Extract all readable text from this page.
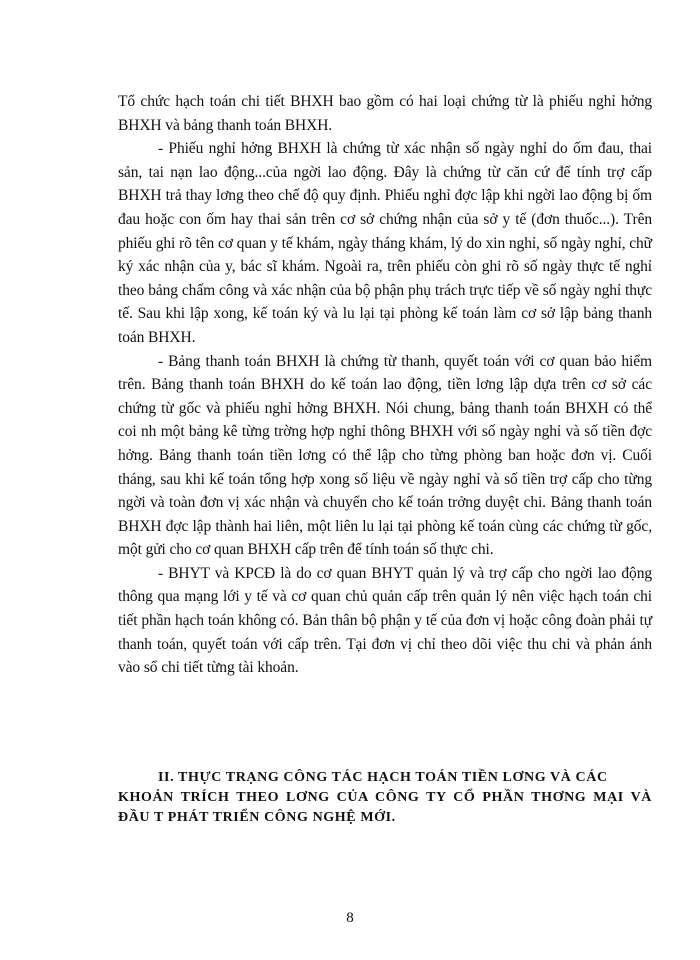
Tổ chức hạch toán chi tiết BHXH bao gồm có hai loại chứng từ là phiếu nghỉ hởng BHXH và bảng thanh toán BHXH.

- Phiếu nghỉ hởng BHXH là chứng từ xác nhận số ngày nghỉ do ốm đau, thai sản, tai nạn lao động...của ngời lao động. Đây là chứng từ căn cứ để tính trợ cấp BHXH trả thay lơng theo chế độ quy định. Phiếu nghỉ đợc lập khi ngời lao động bị ốm đau hoặc con ốm hay thai sản trên cơ sở chứng nhận của sở y tế (đơn thuốc...). Trên phiếu ghi rõ tên cơ quan y tế khám, ngày tháng khám, lý do xin nghỉ, số ngày nghỉ, chữ ký xác nhận của y, bác sĩ khám. Ngoài ra, trên phiếu còn ghi rõ số ngày thực tế nghỉ theo bảng chấm công và xác nhận của bộ phận phụ trách trực tiếp về số ngày nghỉ thực tế. Sau khi lập xong, kế toán ký và lu lại tại phòng kế toán làm cơ sở lập bảng thanh toán BHXH.

- Bảng thanh toán BHXH là chứng từ thanh, quyết toán với cơ quan bảo hiểm trên. Bảng thanh toán BHXH do kế toán lao động, tiền lơng lập dựa trên cơ sở các chứng từ gốc và phiếu nghỉ hởng BHXH. Nói chung, bảng thanh toán BHXH có thể coi nh một bảng kê từng trờng hợp nghỉ thông BHXH với số ngày nghỉ và số tiền đợc hởng. Bảng thanh toán tiền lơng có thể lập cho từng phòng ban hoặc đơn vị. Cuối tháng, sau khi kế toán tổng hợp xong số liệu về ngày nghỉ và số tiền trợ cấp cho từng ngời và toàn đơn vị xác nhận và chuyển cho kế toán trởng duyệt chi. Bảng thanh toán BHXH đợc lập thành hai liên, một liên lu lại tại phòng kế toán cùng các chứng từ gốc, một gửi cho cơ quan BHXH cấp trên để tính toán số thực chi.

- BHYT và KPCĐ là do cơ quan BHYT quản lý và trợ cấp cho ngời lao động thông qua mạng lới y tế và cơ quan chủ quản cấp trên quản lý nên việc hạch toán chi tiết phần hạch toán không có. Bản thân bộ phận y tế của đơn vị hoặc công đoàn phải tự thanh toán, quyết toán với cấp trên. Tại đơn vị chỉ theo dõi việc thu chi và phản ánh vào sổ chi tiết từng tài khoản.

II. THỰC TRẠNG CÔNG TÁC HẠCH TOÁN TIỀN LƠNG VÀ CÁC
KHOẢN TRÍCH THEO LƠNG CỦA CÔNG TY CỔ PHẦN THƠNG MẠI VÀ ĐẦU T PHÁT TRIỂN CÔNG NGHỆ MỚI.
8
